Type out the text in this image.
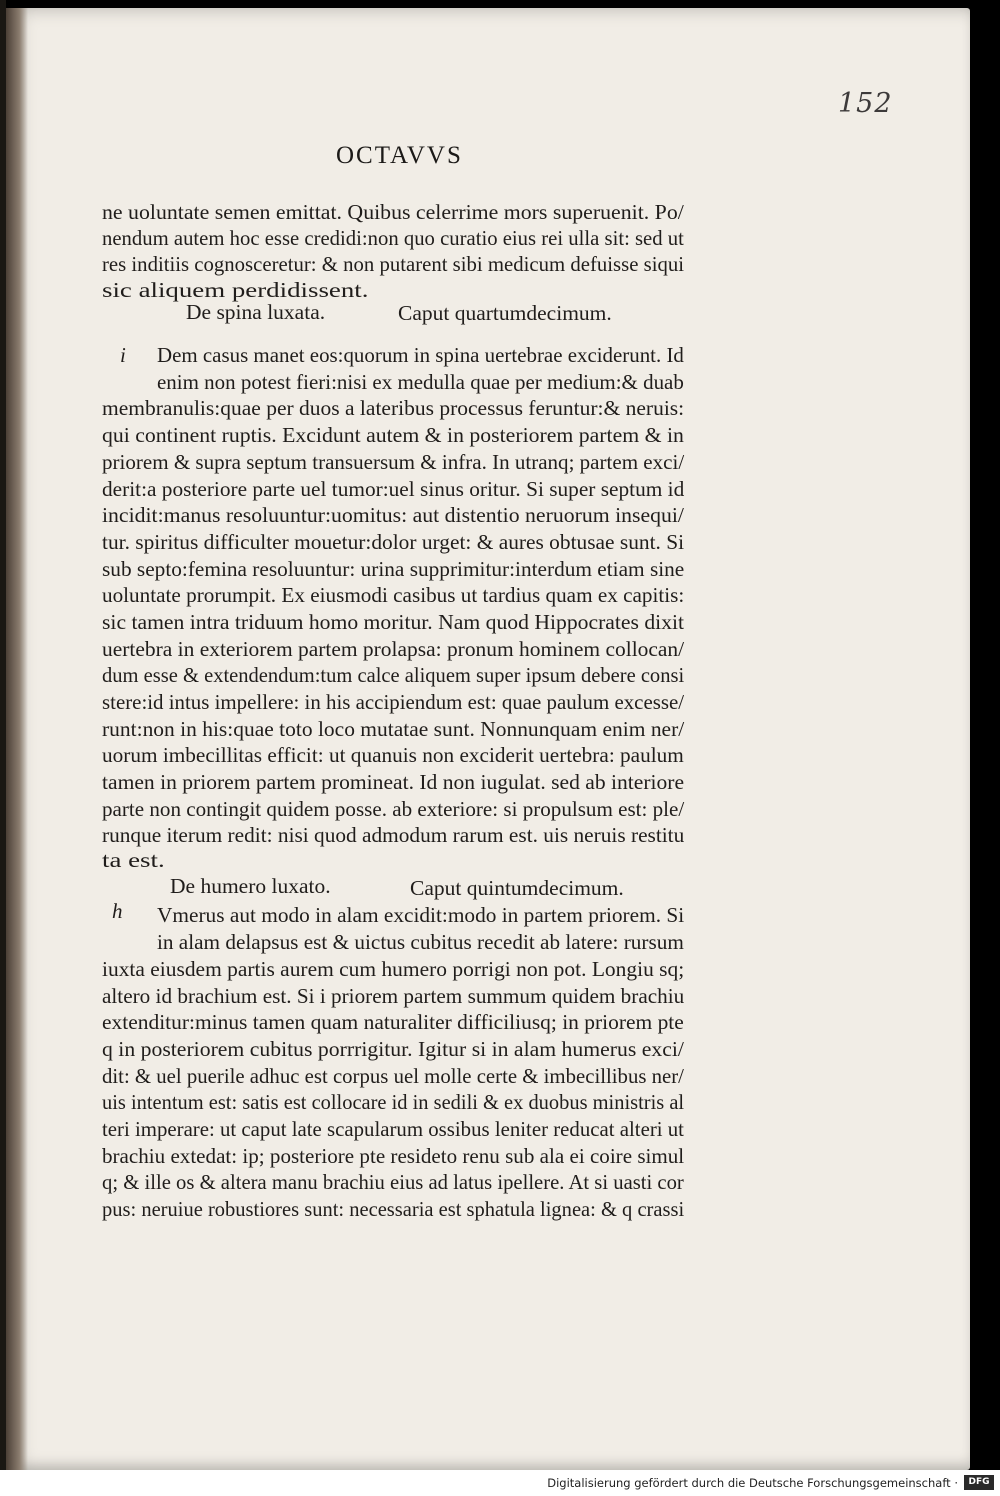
152
OCTAVVS
ne uoluntate semen emittat. Quibus celerrime mors superuenit. Po/
nendum autem hoc esse credidi:non quo curatio eius rei ulla sit: sed ut
res inditiis cognosceretur: & non putarent sibi medicum defuisse siqui
sic aliquem perdidissent.
De spina luxata.	Caput quartumdecimum.
i Dem casus manet eos:quorum in spina uertebrae exciderunt. Id
enim non potest fieri:nisi ex medulla quae per medium:& duab
membranulis:quae per duos a lateribus processus feruntur:& neruis:
qui continent ruptis. Excidunt autem & in posteriorem partem & in
priorem & supra septum transuersum & infra. In utranq; partem exci/
derit:a posteriore parte uel tumor:uel sinus oritur. Si super septum id
incidit:manus resoluuntur:uomitus: aut distentio neruorum insequi/
tur. spiritus difficulter mouetur:dolor urget: & aures obtusae sunt. Si
sub septo:femina resoluuntur: urina supprimitur:interdum etiam sine
uoluntate prorumpit. Ex eiusmodi casibus ut tardius quam ex capitis:
sic tamen intra triduum homo moritur. Nam quod Hippocrates dixit
uertebra in exteriorem partem prolapsa: pronum hominem collocan/
dum esse & extendendum:tum calce aliquem super ipsum debere consi
stere:id intus impellere: in his accipiendum est: quae paulum excesse/
runt:non in his:quae toto loco mutatae sunt. Nonnunquam enim ner/
uorum imbecillitas efficit: ut quanuis non exciderit uertebra: paulum
tamen in priorem partem promineat. Id non iugulat. sed ab interiore
parte non contingit quidem posse. ab exteriore: si propulsum est: ple/
runque iterum redit: nisi quod admodum rarum est. uis neruis restitu
ta est.
De humero luxato.	Caput quintumdecimum.
h Vmerus aut modo in alam excidit:modo in partem priorem. Si
in alam delapsus est & uictus cubitus recedit ab latere: rursum
iuxta eiusdem partis aurem cum humero porrigi non pot. Longiu sq;
altero id brachium est. Si i priorem partem summum quidem brachiu
extenditur:minus tamen quam naturaliter difficiliusq; in priorem pte
q in posteriorem cubitus porrrigitur. Igitur si in alam humerus exci/
dit: & uel puerile adhuc est corpus uel molle certe & imbecillibus ner/
uis intentum est: satis est collocare id in sedili & ex duobus ministris al
teri imperare: ut caput late scapularum ossibus leniter reducat alteri ut
brachiu extedat: ip; posteriore pte resideto renu sub ala ei coire simul
q; & ille os & altera manu brachiu eius ad latus ipellere. At si uasti cor
pus: neruiue robustiores sunt: necessaria est sphatula lignea: & q crassi
Digitalisierung gefördert durch die Deutsche Forschungsgemeinschaft ·	DFG
